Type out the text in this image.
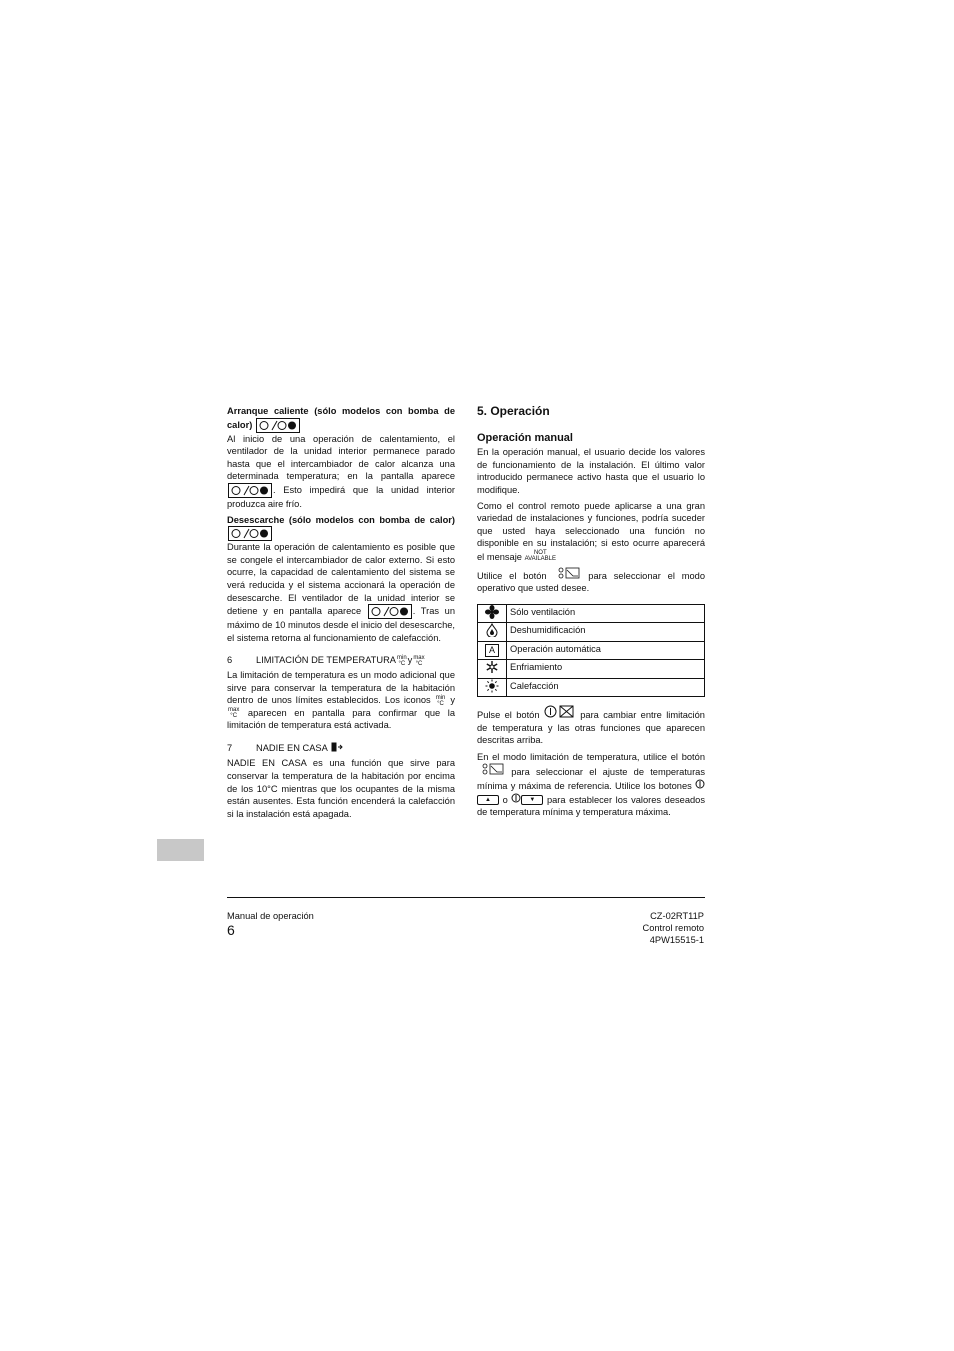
Arranque caliente (sólo modelos con bomba de calor)

Al inicio de una operación de calentamiento, el ventilador de la unidad interior permanece parado hasta que el intercambiador de calor alcanza una determinada temperatura; en la pantalla aparece
. Esto impedirá que la unidad interior produzca aire frío.

Desescarche (sólo modelos con bomba de calor)

Durante la operación de calentamiento es posible que se congele el intercambiador de calor externo. Si esto ocurre, la capacidad de calentamiento del sistema se verá reducida y el sistema accionará la operación de desescarche. El ventilador de la unidad interior se detiene y en pantalla aparece	. Tras un máximo de 10 minutos desde el inicio del desescarche, el sistema retorna al funcionamiento de calefacción.

6	LIMITACIÓN DE TEMPERATURA min
°C y max
°C

La limitación de temperatura es un modo adicional que sirve para conservar la temperatura de la habitación dentro de unos límites establecidos. Los iconos min
°C y max
°C aparecen en pantalla para confirmar que la limitación de temperatura está activada.

7	NADIE EN CASA

NADIE EN CASA es una función que sirve para conservar la temperatura de la habitación por encima de los 10°C mientras que los ocupantes de la misma están ausentes. Esta función encenderá la calefacción si la instalación está apagada.

5. Operación
Operación manual

En la operación manual, el usuario decide los valores de funcionamiento de la instalación. El último valor introducido permanece activo hasta que el usuario lo modifique.

Como el control remoto puede aplicarse a una gran variedad de instalaciones y funciones, podría suceder que usted haya seleccionado una función no disponible en su instalación; si esto ocurre aparecerá el mensaje NOT
AVAILABLE

Utilice el botón	para seleccionar el modo operativo que usted desee.

	Sólo ventilación
	Deshumidificación
A	Operación automática
	Enfriamiento
	Calefacción

Pulse el botón	para cambiar entre limitación de temperatura y las otras funciones que aparecen descritas arriba.

En el modo limitación de temperatura, utilice el botón  para seleccionar el ajuste de temperaturas mínima y máxima de referencia. Utilice los botones ▲ o	▼ para establecer los valores deseados de temperatura mínima y temperatura máxima.

Manual de operación
6
CZ-02RT11P
Control remoto
4PW15515-1
